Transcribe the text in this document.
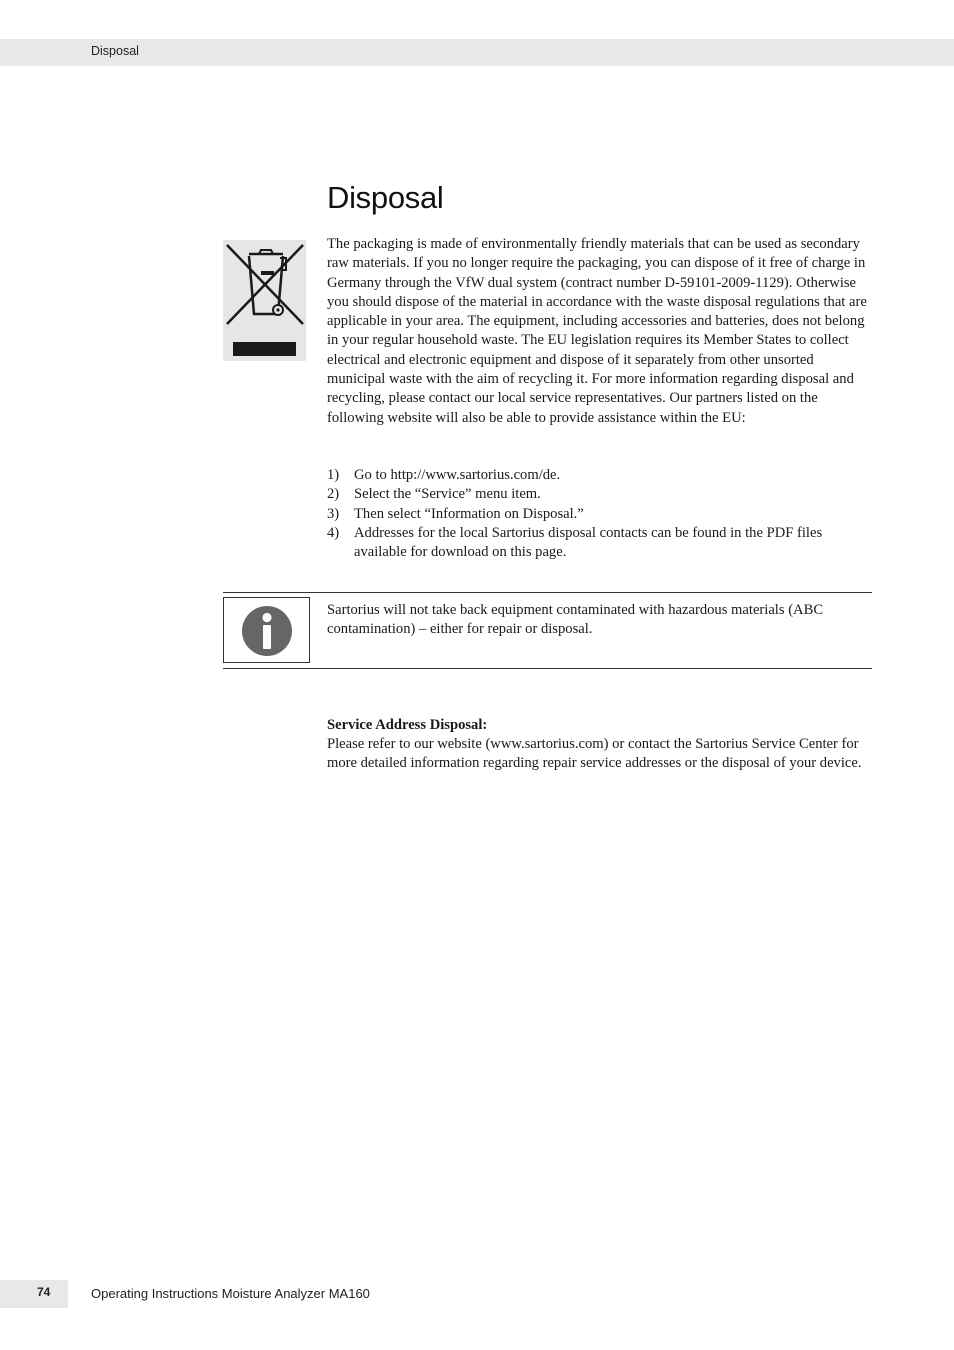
Disposal
Disposal

The packaging is made of environmentally friendly materials that can be used as secondary raw materials. If you no longer require the packaging, you can dispose of it free of charge in Germany through the VfW dual system (contract number D-59101-2009-1129). Otherwise you should dispose of the material in accordance with the waste disposal regulations that are applicable in your area. The equipment, including accessories and batteries, does not belong in your regular household waste. The EU legislation requires its Member States to collect electrical and electronic equipment and dispose of it separately from other unsorted municipal waste with the aim of recycling it. For more information regarding disposal and recycling, please contact our local service representatives. Our partners listed on the following website will also be able to provide assistance within the EU:

1)	Go to http://www.sartorius.com/de.
2)	Select the “Service” menu item.
3)	Then select “Information on Disposal.”
4)	Addresses for the local Sartorius disposal contacts can be found in the PDF files available for download on this page.

Sartorius will not take back equipment contaminated with hazardous materials (ABC contamination) – either for repair or disposal.

Service Address Disposal:

Please refer to our website (www.sartorius.com) or contact the Sartorius Service Center for more detailed information regarding repair service addresses or the disposal of your device.

74	Operating Instructions Moisture Analyzer MA160
